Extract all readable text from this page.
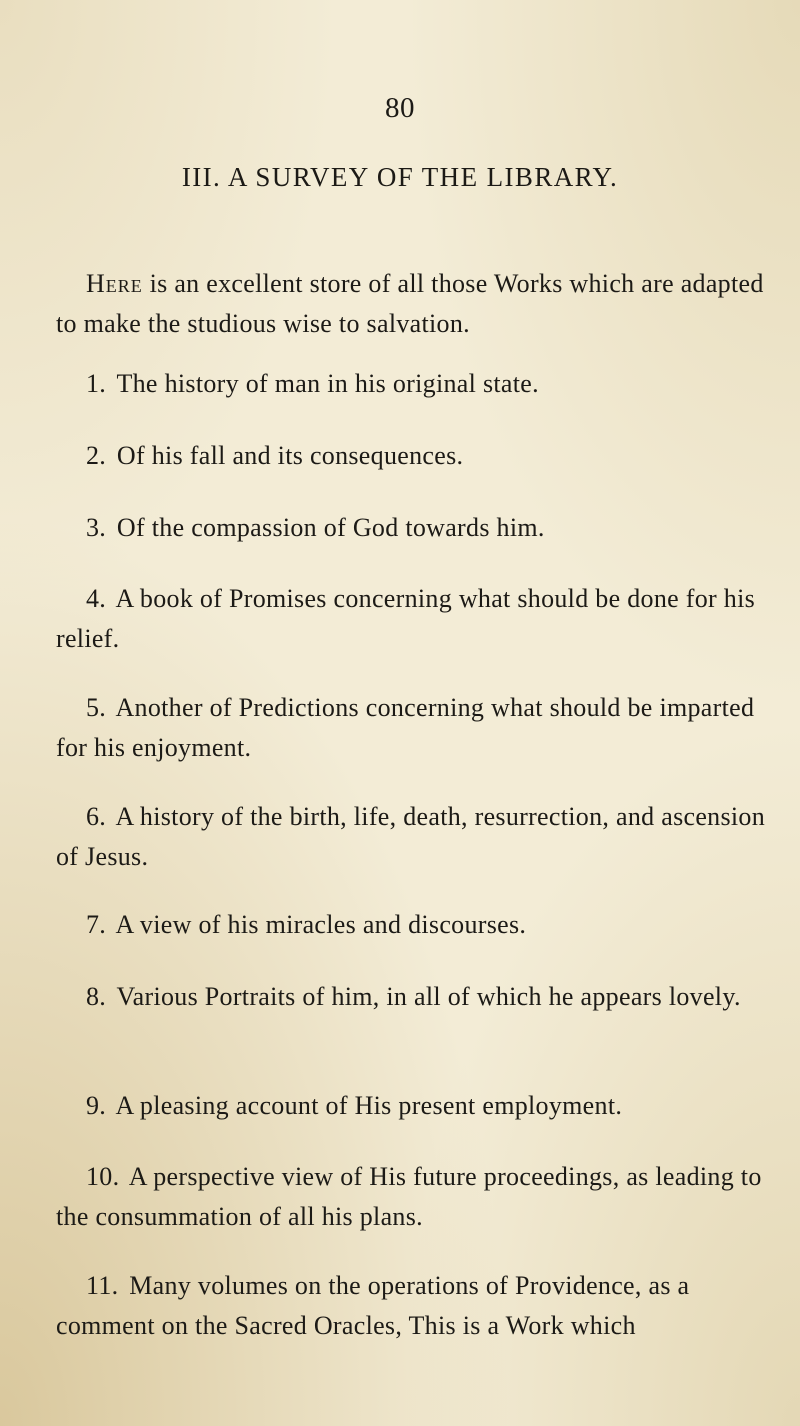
80
III. A SURVEY OF THE LIBRARY.

Here is an excellent store of all those Works which are adapted to make the studious wise to salvation.

1. The history of man in his original state.

2. Of his fall and its consequences.

3. Of the compassion of God towards him.

4. A book of Promises concerning what should be done for his relief.

5. Another of Predictions concerning what should be imparted for his enjoyment.

6. A history of the birth, life, death, resurrection, and ascension of Jesus.

7. A view of his miracles and discourses.

8. Various Portraits of him, in all of which he appears lovely.

9. A pleasing account of His present employment.

10. A perspective view of His future proceedings, as leading to the consummation of all his plans.

11. Many volumes on the operations of Providence, as a comment on the Sacred Oracles, This is a Work which
